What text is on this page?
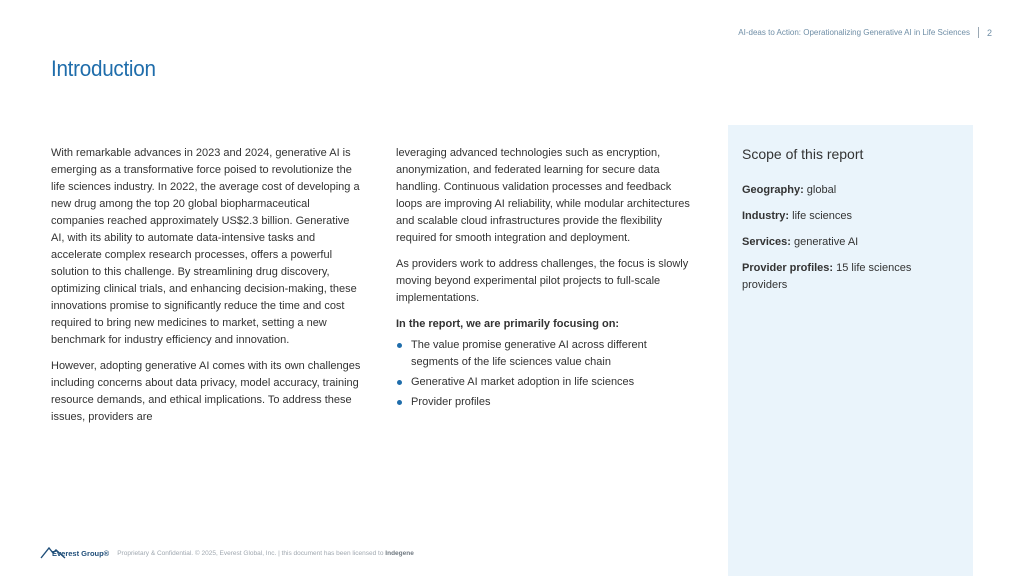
AI-deas to Action: Operationalizing Generative AI in Life Sciences 2
Introduction

With remarkable advances in 2023 and 2024, generative AI is emerging as a transformative force poised to revolutionize the life sciences industry. In 2022, the average cost of developing a new drug among the top 20 global biopharmaceutical companies reached approximately US$2.3 billion. Generative AI, with its ability to automate data-intensive tasks and accelerate complex research processes, offers a powerful solution to this challenge. By streamlining drug discovery, optimizing clinical trials, and enhancing decision-making, these innovations promise to significantly reduce the time and cost required to bring new medicines to market, setting a new benchmark for industry efficiency and innovation.

However, adopting generative AI comes with its own challenges including concerns about data privacy, model accuracy, training resource demands, and ethical implications. To address these issues, providers are

leveraging advanced technologies such as encryption, anonymization, and federated learning for secure data handling. Continuous validation processes and feedback loops are improving AI reliability, while modular architectures and scalable cloud infrastructures provide the flexibility required for smooth integration and deployment.

As providers work to address challenges, the focus is slowly moving beyond experimental pilot projects to full-scale implementations.

In the report, we are primarily focusing on:

The value promise generative AI across different segments of the life sciences value chain
Generative AI market adoption in life sciences
Provider profiles
Scope of this report
Geography: global
Industry: life sciences
Services: generative AI
Provider profiles: 15 life sciences providers
Everest Group® Proprietary & Confidential. © 2025, Everest Global, Inc. | this document has been licensed to Indegene
